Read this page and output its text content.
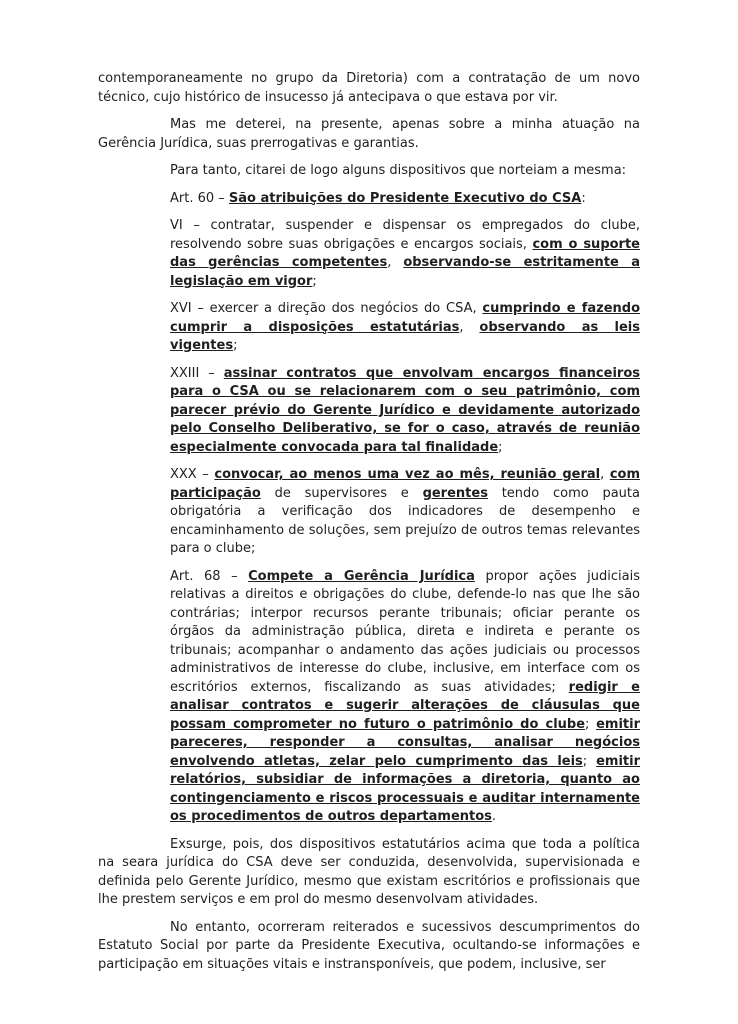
contemporaneamente no grupo da Diretoria) com a contratação de um novo técnico, cujo histórico de insucesso já antecipava o que estava por vir.

Mas me deterei, na presente, apenas sobre a minha atuação na Gerência Jurídica, suas prerrogativas e garantias.

Para tanto, citarei de logo alguns dispositivos que norteiam a mesma:

Art. 60 – São atribuições do Presidente Executivo do CSA:

VI – contratar, suspender e dispensar os empregados do clube, resolvendo sobre suas obrigações e encargos sociais, com o suporte das gerências competentes, observando-se estritamente a legislação em vigor;

XVI – exercer a direção dos negócios do CSA, cumprindo e fazendo cumprir a disposições estatutárias, observando as leis vigentes;

XXIII – assinar contratos que envolvam encargos financeiros para o CSA ou se relacionarem com o seu patrimônio, com parecer prévio do Gerente Jurídico e devidamente autorizado pelo Conselho Deliberativo, se for o caso, através de reunião especialmente convocada para tal finalidade;

XXX – convocar, ao menos uma vez ao mês, reunião geral, com participação de supervisores e gerentes tendo como pauta obrigatória a verificação dos indicadores de desempenho e encaminhamento de soluções, sem prejuízo de outros temas relevantes para o clube;

Art. 68 – Compete a Gerência Jurídica propor ações judiciais relativas a direitos e obrigações do clube, defende-lo nas que lhe são contrárias; interpor recursos perante tribunais; oficiar perante os órgãos da administração pública, direta e indireta e perante os tribunais; acompanhar o andamento das ações judiciais ou processos administrativos de interesse do clube, inclusive, em interface com os escritórios externos, fiscalizando as suas atividades; redigir e analisar contratos e sugerir alterações de cláusulas que possam comprometer no futuro o patrimônio do clube; emitir pareceres, responder a consultas, analisar negócios envolvendo atletas, zelar pelo cumprimento das leis; emitir relatórios, subsidiar de informações a diretoria, quanto ao contingenciamento e riscos processuais e auditar internamente os procedimentos de outros departamentos.

Exsurge, pois, dos dispositivos estatutários acima que toda a política na seara jurídica do CSA deve ser conduzida, desenvolvida, supervisionada e definida pelo Gerente Jurídico, mesmo que existam escritórios e profissionais que lhe prestem serviços e em prol do mesmo desenvolvam atividades.

No entanto, ocorreram reiterados e sucessivos descumprimentos do Estatuto Social por parte da Presidente Executiva, ocultando-se informações e participação em situações vitais e instransponíveis, que podem, inclusive, ser
